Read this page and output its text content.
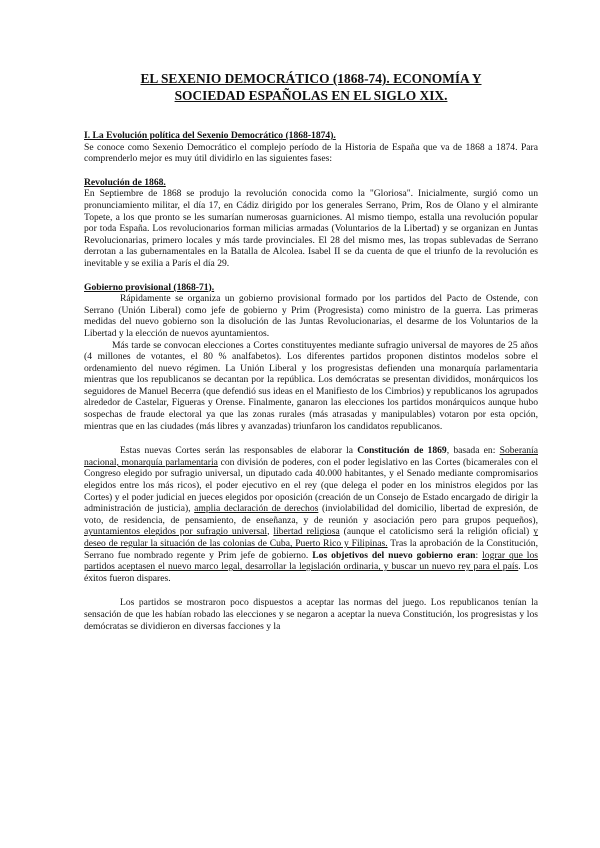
EL SEXENIO DEMOCRÁTICO (1868-74). ECONOMÍA Y
SOCIEDAD ESPAÑOLAS EN EL SIGLO XIX.
I. La Evolución política del Sexenio Democrático (1868-1874).

Se conoce como Sexenio Democrático el complejo período de la Historia de España que va de 1868 a 1874. Para comprenderlo mejor es muy útil dividirlo en las siguientes fases:

Revolución de 1868.

En Septiembre de 1868 se produjo la revolución conocida como la "Gloriosa". Inicialmente, surgió como un pronunciamiento militar, el día 17, en Cádiz dirigido por los generales Serrano, Prim, Ros de Olano y el almirante Topete, a los que pronto se les sumarían numerosas guarniciones. Al mismo tiempo, estalla una revolución popular por toda España. Los revolucionarios forman milicias armadas (Voluntarios de la Libertad) y se organizan en Juntas Revolucionarias, primero locales y más tarde provinciales. El 28 del mismo mes, las tropas sublevadas de Serrano derrotan a las gubernamentales en la Batalla de Alcolea. Isabel II se da cuenta de que el triunfo de la revolución es inevitable y se exilia a París el día 29.

Gobierno provisional (1868-71).

Rápidamente se organiza un gobierno provisional formado por los partidos del Pacto de Ostende, con Serrano (Unión Liberal) como jefe de gobierno y Prim (Progresista) como ministro de la guerra. Las primeras medidas del nuevo gobierno son la disolución de las Juntas Revolucionarias, el desarme de los Voluntarios de la Libertad y la elección de nuevos ayuntamientos.

Más tarde se convocan elecciones a Cortes constituyentes mediante sufragio universal de mayores de 25 años (4 millones de votantes, el 80 % analfabetos). Los diferentes partidos proponen distintos modelos sobre el ordenamiento del nuevo régimen. La Unión Liberal y los progresistas defienden una monarquía parlamentaria mientras que los republicanos se decantan por la república. Los demócratas se presentan divididos, monárquicos los seguidores de Manuel Becerra (que defendió sus ideas en el Manifiesto de los Cimbrios) y republicanos los agrupados alrededor de Castelar, Figueras y Orense. Finalmente, ganaron las elecciones los partidos monárquicos aunque hubo sospechas de fraude electoral ya que las zonas rurales (más atrasadas y manipulables) votaron por esta opción, mientras que en las ciudades (más libres y avanzadas) triunfaron los candidatos republicanos.

Estas nuevas Cortes serán las responsables de elaborar la Constitución de 1869, basada en: Soberanía nacional, monarquía parlamentaria con división de poderes, con el poder legislativo en las Cortes (bicamerales con el Congreso elegido por sufragio universal, un diputado cada 40.000 habitantes, y el Senado mediante compromisarios elegidos entre los más ricos), el poder ejecutivo en el rey (que delega el poder en los ministros elegidos por las Cortes) y el poder judicial en jueces elegidos por oposición (creación de un Consejo de Estado encargado de dirigir la administración de justicia), amplia declaración de derechos (inviolabilidad del domicilio, libertad de expresión, de voto, de residencia, de pensamiento, de enseñanza, y de reunión y asociación pero para grupos pequeños), ayuntamientos elegidos por sufragio universal, libertad religiosa (aunque el catolicismo será la religión oficial) y deseo de regular la situación de las colonias de Cuba, Puerto Rico y Filipinas. Tras la aprobación de la Constitución, Serrano fue nombrado regente y Prim jefe de gobierno. Los objetivos del nuevo gobierno eran: lograr que los partidos aceptasen el nuevo marco legal, desarrollar la legislación ordinaria, y buscar un nuevo rey para el país. Los éxitos fueron dispares.

Los partidos se mostraron poco dispuestos a aceptar las normas del juego. Los republicanos tenían la sensación de que les habían robado las elecciones y se negaron a aceptar la nueva Constitución, los progresistas y los demócratas se dividieron en diversas facciones y la
